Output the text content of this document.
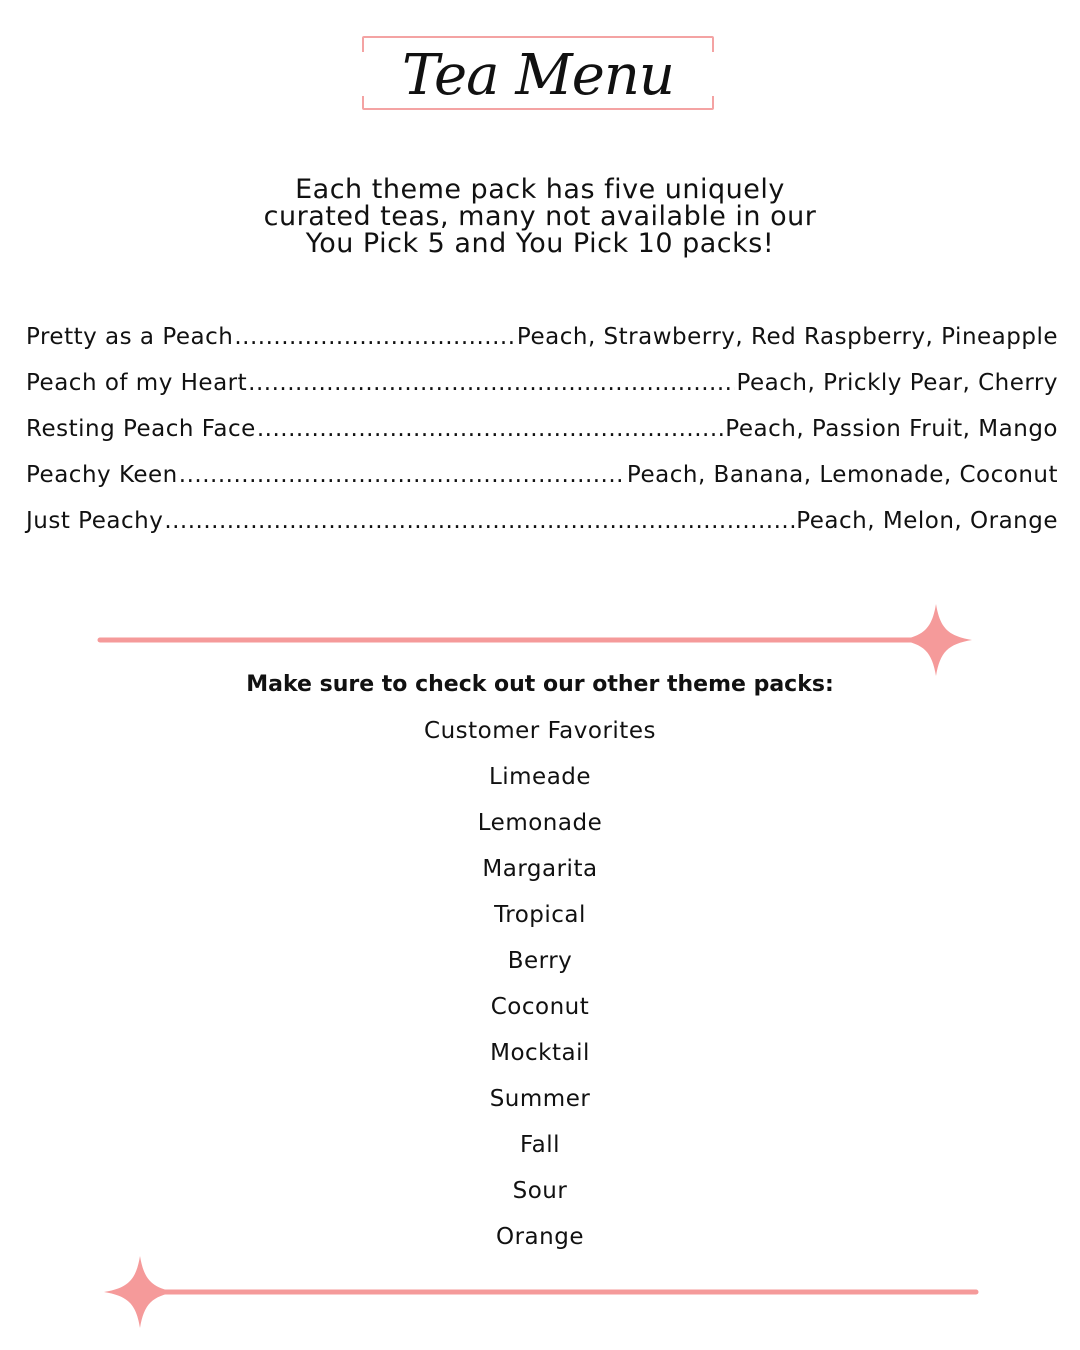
Tea Menu
Each theme pack has five uniquely
curated teas, many not available in our
You Pick 5 and You Pick 10 packs!
Pretty as a Peach .....	Peach, Strawberry, Red Raspberry, Pineapple
Peach of my Heart .....	Peach, Prickly Pear, Cherry
Resting Peach Face .....	Peach, Passion Fruit, Mango
Peachy Keen .....	Peach, Banana, Lemonade, Coconut
Just Peachy .....	Peach, Melon, Orange
Make sure to check out our other theme packs:
Customer Favorites
Limeade
Lemonade
Margarita
Tropical
Berry
Coconut
Mocktail
Summer
Fall
Sour
Orange
